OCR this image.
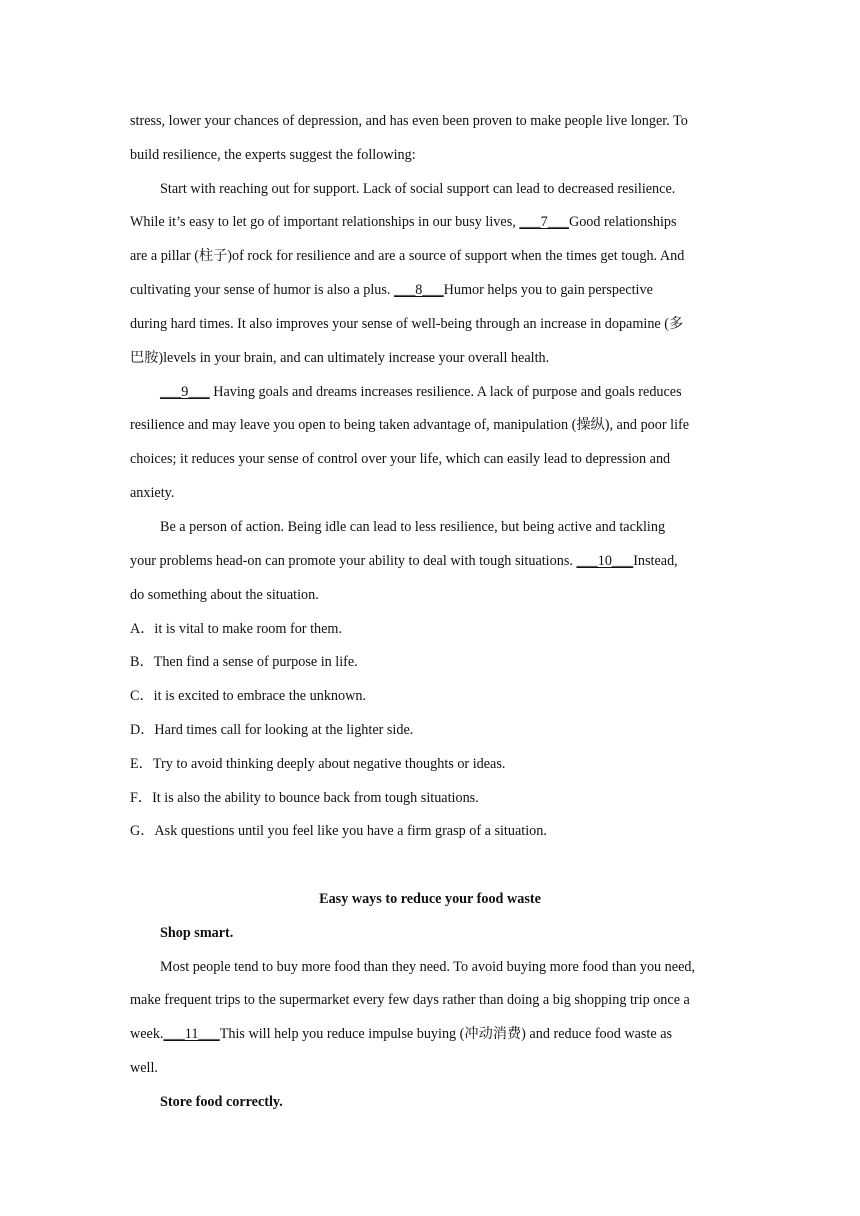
stress, lower your chances of depression, and has even been proven to make people live longer. To
build resilience, the experts suggest the following:
Start with reaching out for support. Lack of social support can lead to decreased resilience.
While it’s easy to let go of important relationships in our busy lives, ___7___Good relationships
are a pillar (柱子)of rock for resilience and are a source of support when the times get tough. And
cultivating your sense of humor is also a plus. ___8___Humor helps you to gain perspective
during hard times. It also improves your sense of well-being through an increase in dopamine (多
巴胺)levels in your brain, and can ultimately increase your overall health.
___9___ Having goals and dreams increases resilience. A lack of purpose and goals reduces
resilience and may leave you open to being taken advantage of, manipulation (操纵), and poor life
choices; it reduces your sense of control over your life, which can easily lead to depression and
anxiety.
Be a person of action. Being idle can lead to less resilience, but being active and tackling
your problems head-on can promote your ability to deal with tough situations. ___10___Instead,
do something about the situation.
A．it is vital to make room for them.
B．Then find a sense of purpose in life.
C．it is excited to embrace the unknown.
D．Hard times call for looking at the lighter side.
E．Try to avoid thinking deeply about negative thoughts or ideas.
F．It is also the ability to bounce back from tough situations.
G．Ask questions until you feel like you have a firm grasp of a situation.
Easy ways to reduce your food waste
Shop smart.
Most people tend to buy more food than they need. To avoid buying more food than you need,
make frequent trips to the supermarket every few days rather than doing a big shopping trip once a
week.___11___This will help you reduce impulse buying (冲动消费) and reduce food waste as
well.
Store food correctly.
